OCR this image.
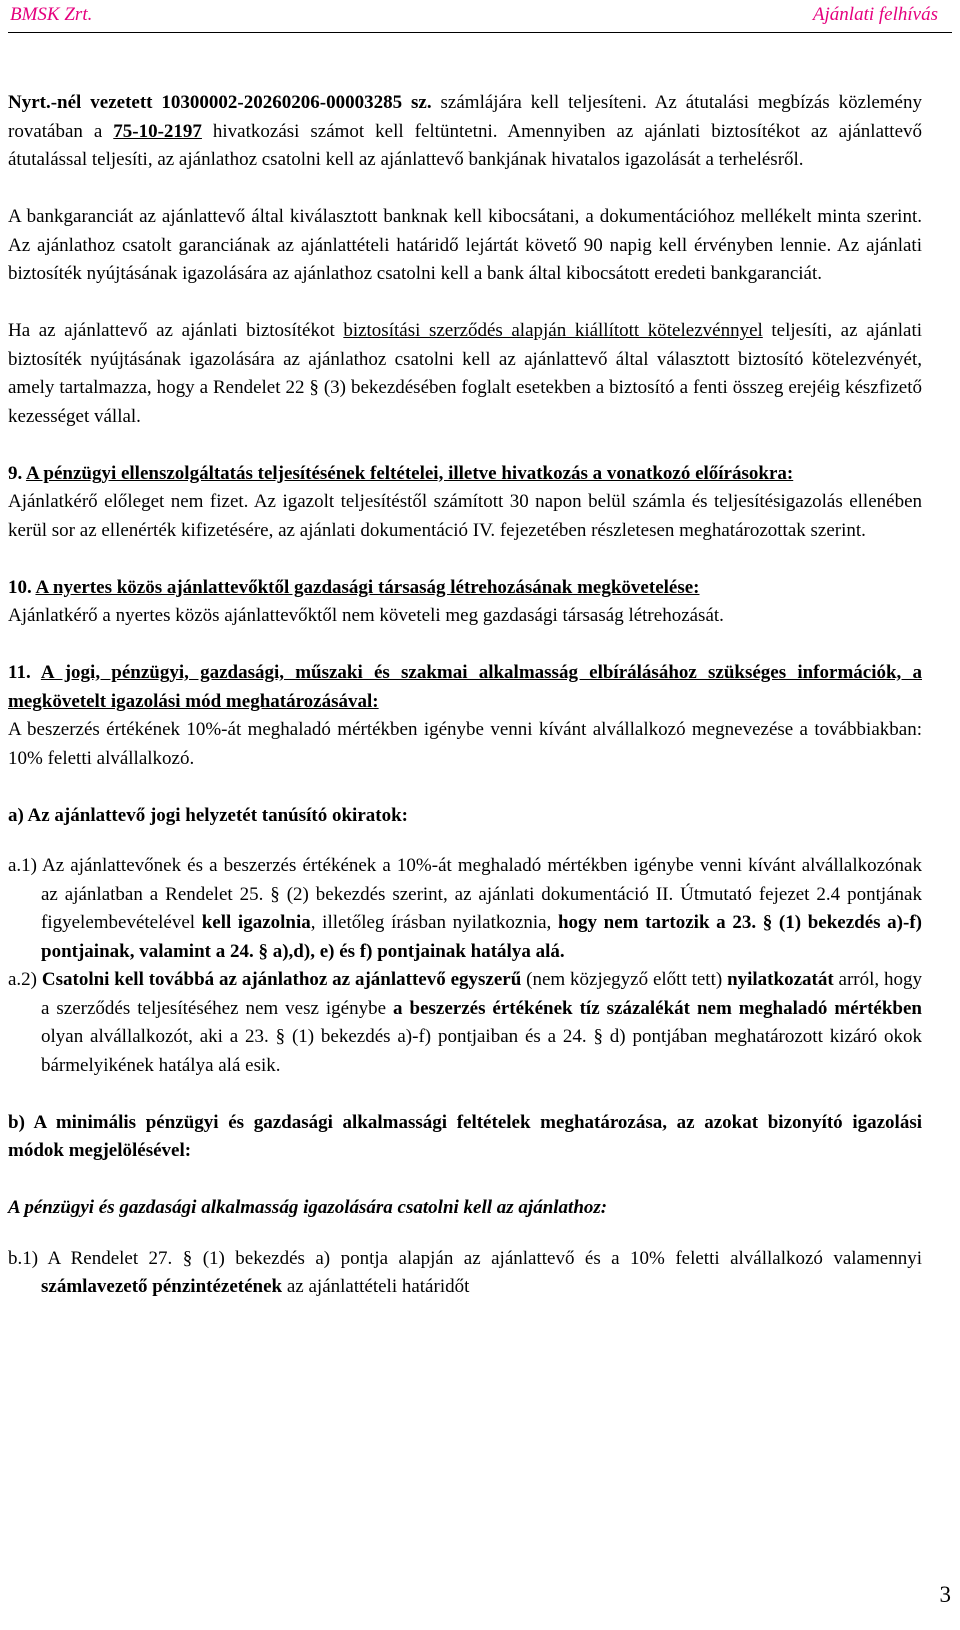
BMSK Zrt.	Ajánlati felhívás

Nyrt.-nél vezetett 10300002-20260206-00003285 sz. számlájára kell teljesíteni. Az átutalási megbízás közlemény rovatában a 75-10-2197 hivatkozási számot kell feltüntetni. Amennyiben az ajánlati biztosítékot az ajánlattevő átutalással teljesíti, az ajánlathoz csatolni kell az ajánlattevő bankjának hivatalos igazolását a terhelésről.

A bankgaranciát az ajánlattevő által kiválasztott banknak kell kibocsátani, a dokumentációhoz mellékelt minta szerint. Az ajánlathoz csatolt garanciának az ajánlattételi határidő lejártát követő 90 napig kell érvényben lennie. Az ajánlati biztosíték nyújtásának igazolására az ajánlathoz csatolni kell a bank által kibocsátott eredeti bankgaranciát.

Ha az ajánlattevő az ajánlati biztosítékot biztosítási szerződés alapján kiállított kötelezvénnyel teljesíti, az ajánlati biztosíték nyújtásának igazolására az ajánlathoz csatolni kell az ajánlattevő által választott biztosító kötelezvényét, amely tartalmazza, hogy a Rendelet 22 § (3) bekezdésében foglalt esetekben a biztosító a fenti összeg erejéig készfizető kezességet vállal.

9. A pénzügyi ellenszolgáltatás teljesítésének feltételei, illetve hivatkozás a vonatkozó előírásokra:

Ajánlatkérő előleget nem fizet. Az igazolt teljesítéstől számított 30 napon belül számla és teljesítésigazolás ellenében kerül sor az ellenérték kifizetésére, az ajánlati dokumentáció IV. fejezetében részletesen meghatározottak szerint.

10. A nyertes közös ajánlattevőktől gazdasági társaság létrehozásának megkövetelése:

Ajánlatkérő a nyertes közös ajánlattevőktől nem követeli meg gazdasági társaság létrehozását.

11. A jogi, pénzügyi, gazdasági, műszaki és szakmai alkalmasság elbírálásához szükséges információk, a megkövetelt igazolási mód meghatározásával:

A beszerzés értékének 10%-át meghaladó mértékben igénybe venni kívánt alvállalkozó megnevezése a továbbiakban: 10% feletti alvállalkozó.

a) Az ajánlattevő jogi helyzetét tanúsító okiratok:

a.1) Az ajánlattevőnek és a beszerzés értékének a 10%-át meghaladó mértékben igénybe venni kívánt alvállalkozónak az ajánlatban a Rendelet 25. § (2) bekezdés szerint, az ajánlati dokumentáció II. Útmutató fejezet 2.4 pontjának figyelembevételével kell igazolnia, illetőleg írásban nyilatkoznia, hogy nem tartozik a 23. § (1) bekezdés a)-f) pontjainak, valamint a 24. § a),d), e) és f) pontjainak hatálya alá.

a.2) Csatolni kell továbbá az ajánlathoz az ajánlattevő egyszerű (nem közjegyző előtt tett) nyilatkozatát arról, hogy a szerződés teljesítéséhez nem vesz igénybe a beszerzés értékének tíz százalékát nem meghaladó mértékben olyan alvállalkozót, aki a 23. § (1) bekezdés a)-f) pontjaiban és a 24. § d) pontjában meghatározott kizáró okok bármelyikének hatálya alá esik.

b) A minimális pénzügyi és gazdasági alkalmassági feltételek meghatározása, az azokat bizonyító igazolási módok megjelölésével:

A pénzügyi és gazdasági alkalmasság igazolására csatolni kell az ajánlathoz:

b.1) A Rendelet 27. § (1) bekezdés a) pontja alapján az ajánlattevő és a 10% feletti alvállalkozó valamennyi számlavezető pénzintézetének az ajánlattételi határidőt

3
